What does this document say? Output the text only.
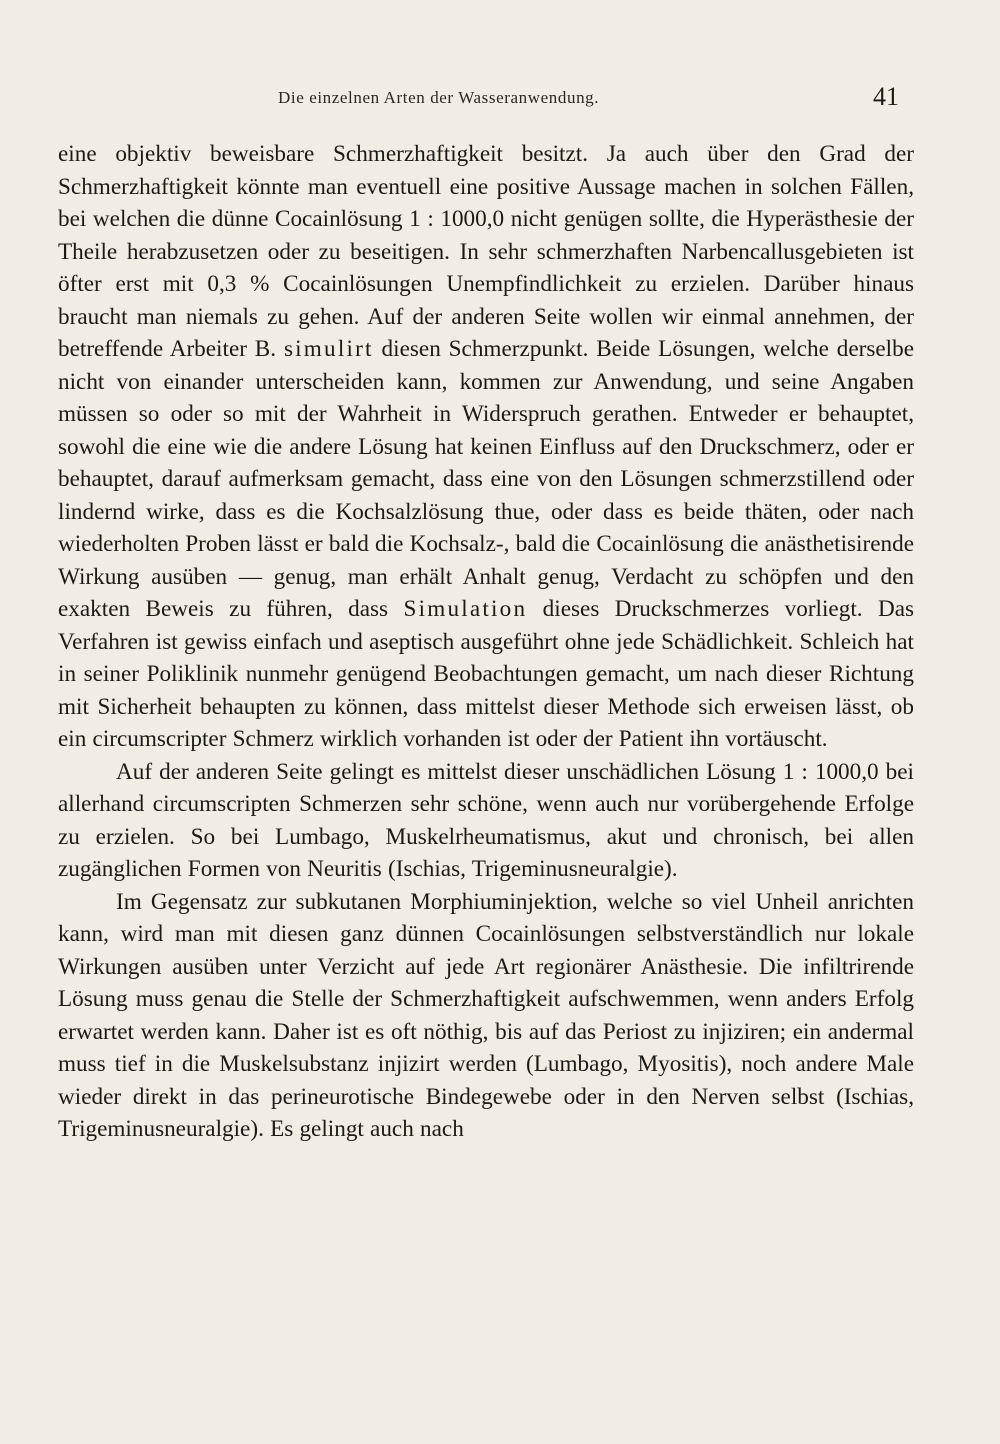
Die einzelnen Arten der Wasseranwendung.	41

eine objektiv beweisbare Schmerzhaftigkeit besitzt. Ja auch über den Grad der Schmerzhaftigkeit könnte man eventuell eine positive Aussage machen in solchen Fällen, bei welchen die dünne Cocainlösung 1 : 1000,0 nicht genügen sollte, die Hyperästhesie der Theile herabzusetzen oder zu beseitigen. In sehr schmerzhaften Narbencallusgebieten ist öfter erst mit 0,3 % Cocainlösungen Unempfindlichkeit zu erzielen. Darüber hinaus braucht man niemals zu gehen. Auf der anderen Seite wollen wir einmal annehmen, der betreffende Arbeiter B. simulirt diesen Schmerzpunkt. Beide Lösungen, welche derselbe nicht von einander unterscheiden kann, kommen zur Anwendung, und seine Angaben müssen so oder so mit der Wahrheit in Widerspruch gerathen. Entweder er behauptet, sowohl die eine wie die andere Lösung hat keinen Einfluss auf den Druckschmerz, oder er behauptet, darauf aufmerksam gemacht, dass eine von den Lösungen schmerzstillend oder lindernd wirke, dass es die Kochsalzlösung thue, oder dass es beide thäten, oder nach wiederholten Proben lässt er bald die Kochsalz-, bald die Cocainlösung die anästhetisirende Wirkung ausüben — genug, man erhält Anhalt genug, Verdacht zu schöpfen und den exakten Beweis zu führen, dass Simulation dieses Druckschmerzes vorliegt. Das Verfahren ist gewiss einfach und aseptisch ausgeführt ohne jede Schädlichkeit. Schleich hat in seiner Poliklinik nunmehr genügend Beobachtungen gemacht, um nach dieser Richtung mit Sicherheit behaupten zu können, dass mittelst dieser Methode sich erweisen lässt, ob ein circumscripter Schmerz wirklich vorhanden ist oder der Patient ihn vortäuscht.

Auf der anderen Seite gelingt es mittelst dieser unschädlichen Lösung 1 : 1000,0 bei allerhand circumscripten Schmerzen sehr schöne, wenn auch nur vorübergehende Erfolge zu erzielen. So bei Lumbago, Muskelrheumatismus, akut und chronisch, bei allen zugänglichen Formen von Neuritis (Ischias, Trigeminusneuralgie).

Im Gegensatz zur subkutanen Morphiuminjektion, welche so viel Unheil anrichten kann, wird man mit diesen ganz dünnen Cocainlösungen selbstverständlich nur lokale Wirkungen ausüben unter Verzicht auf jede Art regionärer Anästhesie. Die infiltrirende Lösung muss genau die Stelle der Schmerzhaftigkeit aufschwemmen, wenn anders Erfolg erwartet werden kann. Daher ist es oft nöthig, bis auf das Periost zu injiziren; ein andermal muss tief in die Muskelsubstanz injizirt werden (Lumbago, Myositis), noch andere Male wieder direkt in das perineurotische Bindegewebe oder in den Nerven selbst (Ischias, Trigeminusneuralgie). Es gelingt auch nach
